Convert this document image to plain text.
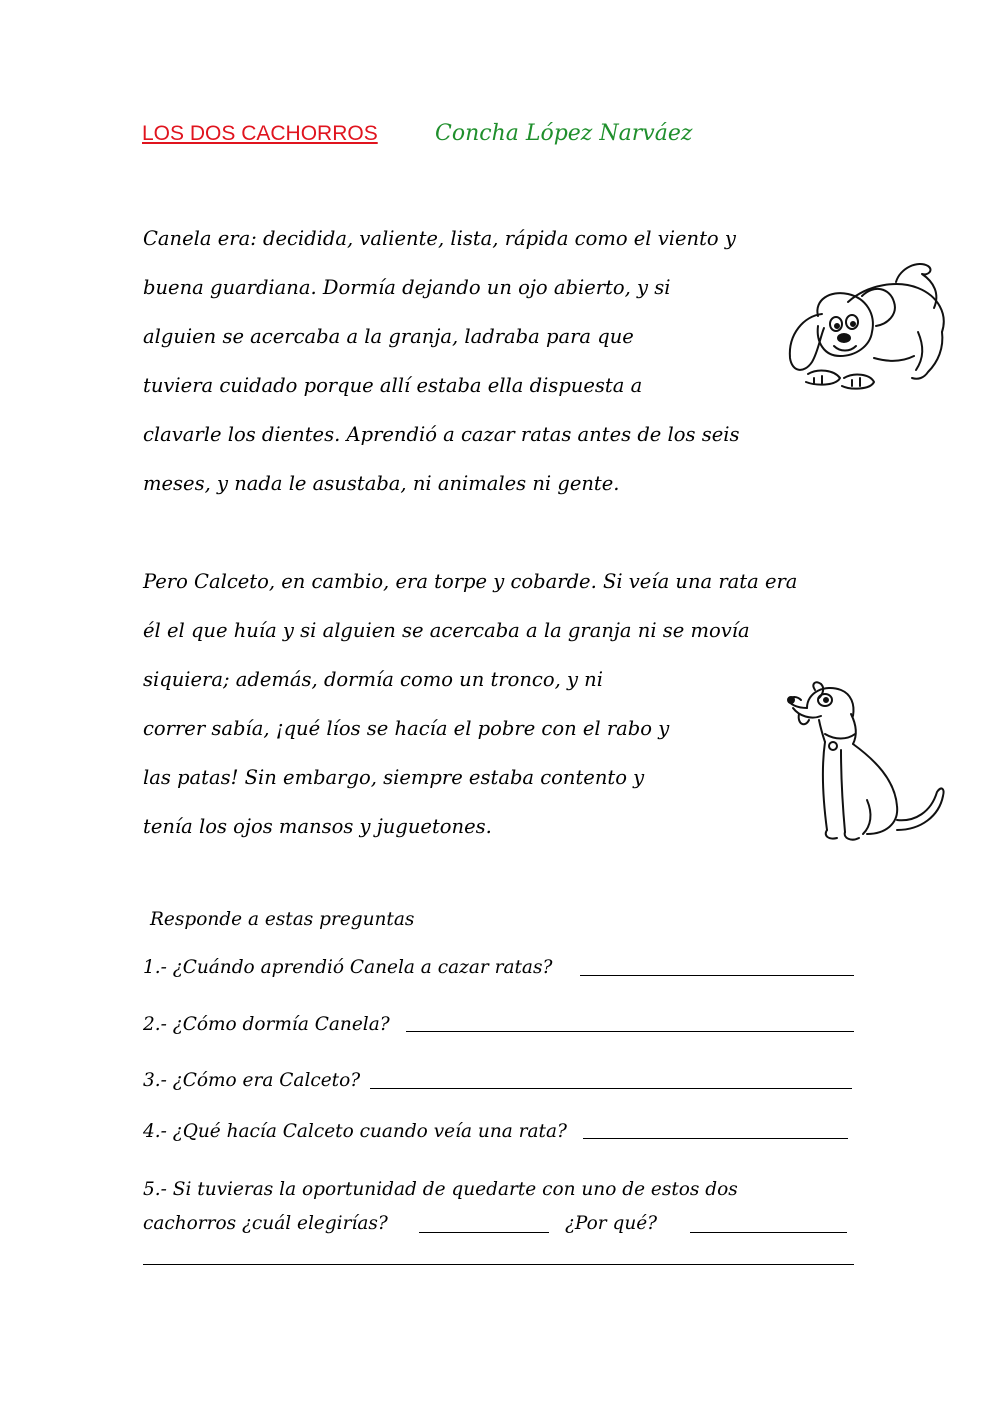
LOS DOS CACHORROS	Concha López Narváez
Canela era: decidida, valiente, lista, rápida como el viento y
buena guardiana. Dormía dejando un ojo abierto, y si
alguien se acercaba a la granja, ladraba para que
tuviera cuidado porque allí estaba ella dispuesta a
clavarle los dientes. Aprendió a cazar ratas antes de los seis
meses, y nada le asustaba, ni animales ni gente.
Pero Calceto, en cambio, era torpe y cobarde. Si veía una rata era
él el que huía y si alguien se acercaba a la granja ni se movía
siquiera; además, dormía como un tronco, y ni
correr sabía, ¡qué líos se hacía el pobre con el rabo y
las patas! Sin embargo, siempre estaba contento y
tenía los ojos mansos y juguetones.
Responde a estas preguntas
1.- ¿Cuándo aprendió Canela a cazar ratas?
2.- ¿Cómo dormía Canela?
3.- ¿Cómo era Calceto?
4.- ¿Qué hacía Calceto cuando veía una rata?
5.- Si tuvieras la oportunidad de quedarte con uno de estos dos
cachorros ¿cuál elegirías?	¿Por qué?
